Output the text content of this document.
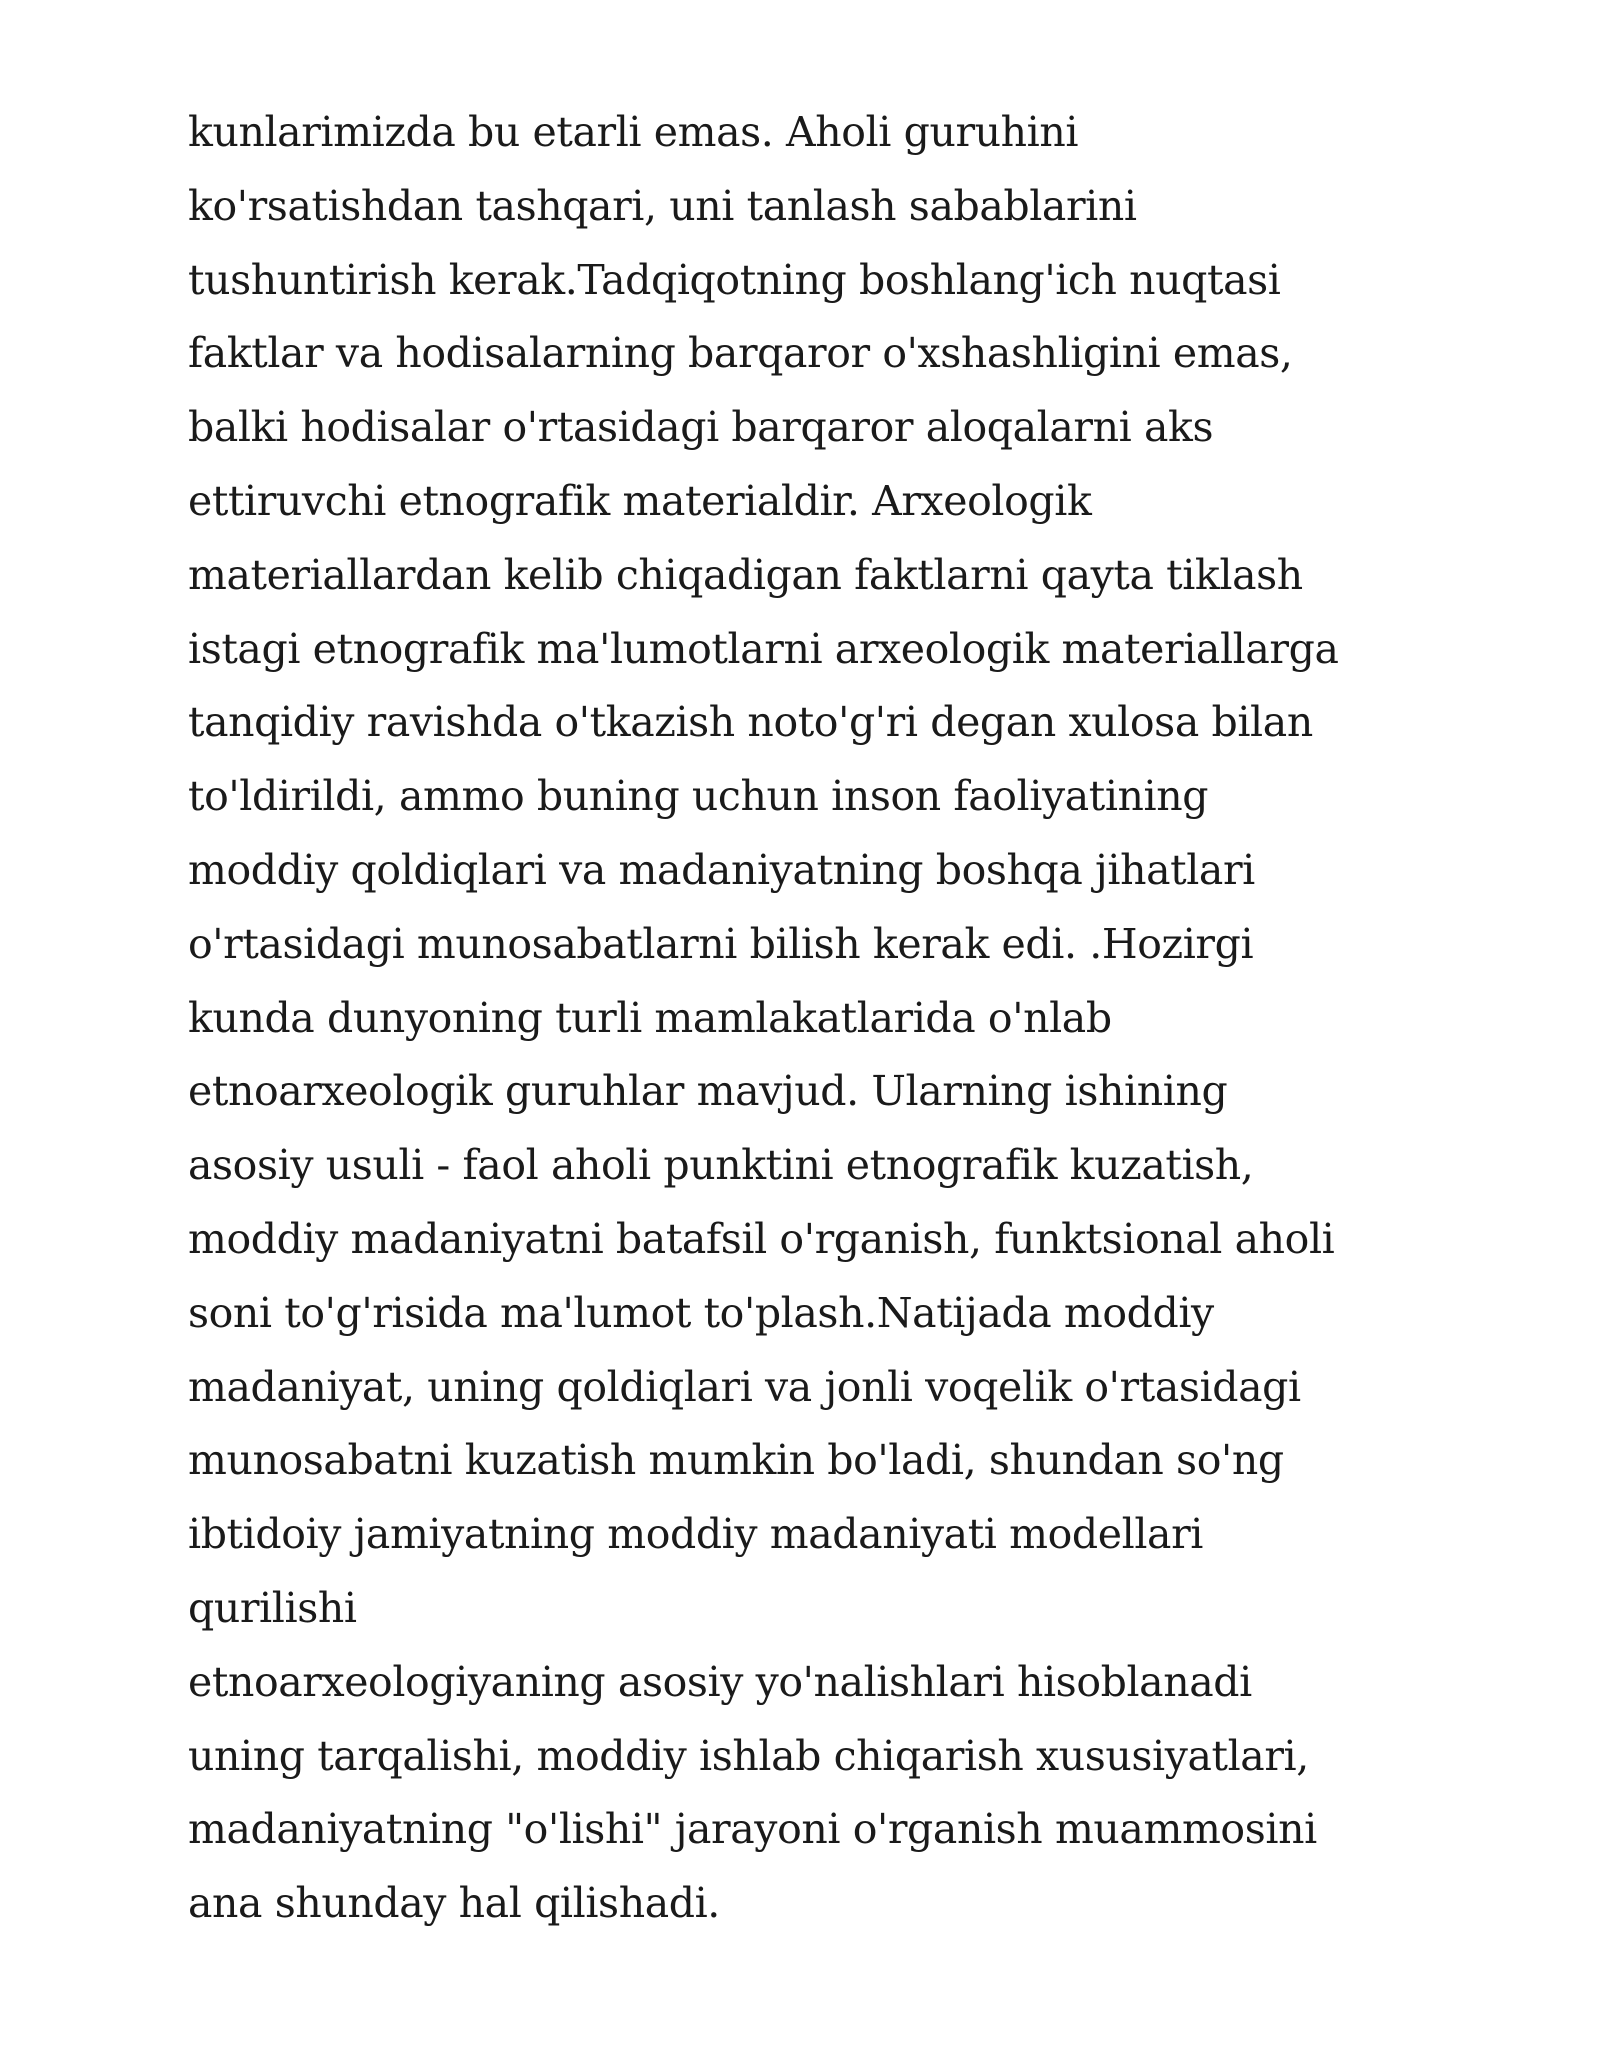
kunlarimizda bu etarli emas. Aholi guruhini
ko'rsatishdan tashqari, uni tanlash sabablarini
tushuntirish kerak.Tadqiqotning boshlang'ich nuqtasi
faktlar va hodisalarning barqaror o'xshashligini emas,
balki hodisalar o'rtasidagi barqaror aloqalarni aks
ettiruvchi etnografik materialdir. Arxeologik
materiallardan kelib chiqadigan faktlarni qayta tiklash
istagi etnografik ma'lumotlarni arxeologik materiallarga
tanqidiy ravishda o'tkazish noto'g'ri degan xulosa bilan
to'ldirildi, ammo buning uchun inson faoliyatining
moddiy qoldiqlari va madaniyatning boshqa jihatlari
o'rtasidagi munosabatlarni bilish kerak edi. .Hozirgi
kunda dunyoning turli mamlakatlarida o'nlab
etnoarxeologik guruhlar mavjud. Ularning ishining
asosiy usuli - faol aholi punktini etnografik kuzatish,
moddiy madaniyatni batafsil o'rganish, funktsional aholi
soni to'g'risida ma'lumot to'plash.Natijada moddiy
madaniyat, uning qoldiqlari va jonli voqelik o'rtasidagi
munosabatni kuzatish mumkin bo'ladi, shundan so'ng
ibtidoiy jamiyatning moddiy madaniyati modellari
qurilishi
etnoarxeologiyaning asosiy yo'nalishlari hisoblanadi
uning tarqalishi, moddiy ishlab chiqarish xususiyatlari,
madaniyatning "o'lishi" jarayoni o'rganish muammosini
ana shunday hal qilishadi.
